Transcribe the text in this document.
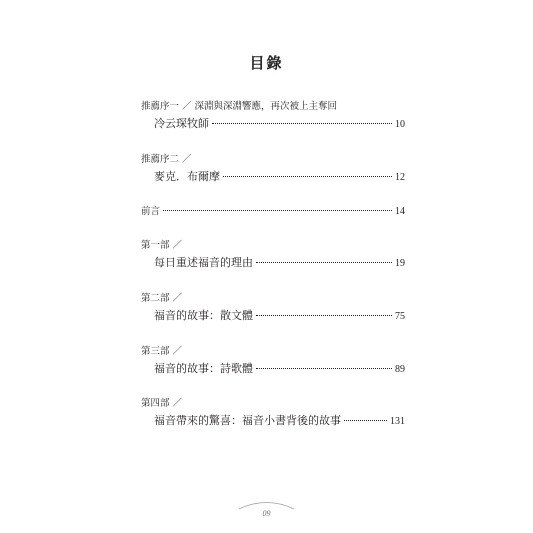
目錄
推薦序一 ／ 深淵與深淵響應，再次被上主奪回
冷云琛牧師	10
推薦序二 ／
麥克．布爾摩	12
前言	14
第一部 ／
每日重述福音的理由	19
第二部 ／
福音的故事：散文體	75
第三部 ／
福音的故事：詩歌體	89
第四部 ／
福音帶來的驚喜：福音小書背後的故事	131
09
